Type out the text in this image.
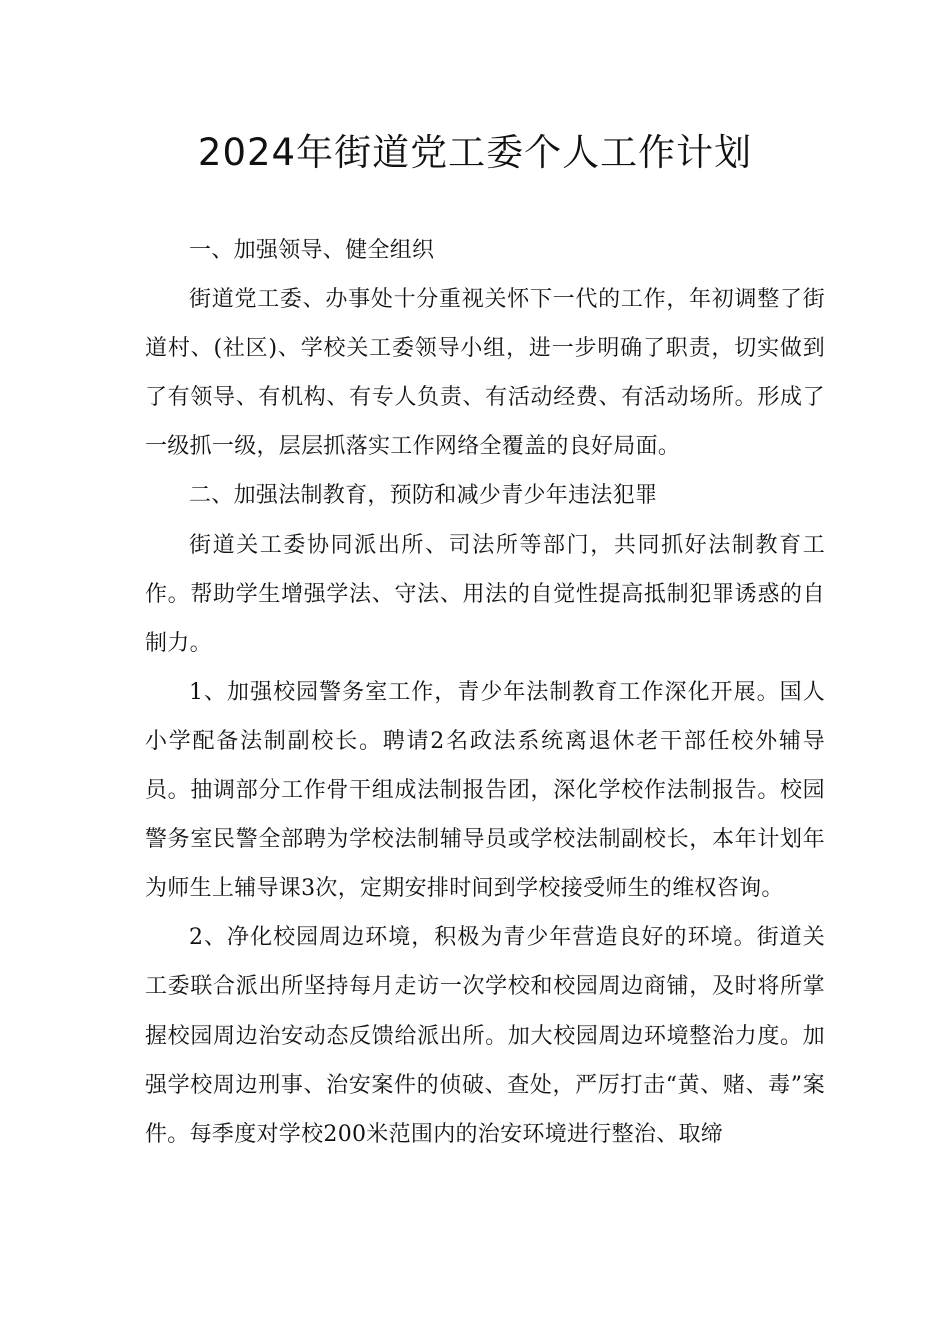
2024年街道党工委个人工作计划

一、加强领导、健全组织

街道党工委、办事处十分重视关怀下一代的工作，年初调整了街道村、(社区)、学校关工委领导小组，进一步明确了职责，切实做到了有领导、有机构、有专人负责、有活动经费、有活动场所。形成了一级抓一级，层层抓落实工作网络全覆盖的良好局面。

二、加强法制教育，预防和减少青少年违法犯罪

街道关工委协同派出所、司法所等部门，共同抓好法制教育工作。帮助学生增强学法、守法、用法的自觉性提高抵制犯罪诱惑的自制力。

1、加强校园警务室工作，青少年法制教育工作深化开展。国人小学配备法制副校长。聘请2名政法系统离退休老干部任校外辅导员。抽调部分工作骨干组成法制报告团，深化学校作法制报告。校园警务室民警全部聘为学校法制辅导员或学校法制副校长，本年计划年为师生上辅导课3次，定期安排时间到学校接受师生的维权咨询。

2、净化校园周边环境，积极为青少年营造良好的环境。街道关工委联合派出所坚持每月走访一次学校和校园周边商铺，及时将所掌握校园周边治安动态反馈给派出所。加大校园周边环境整治力度。加强学校周边刑事、治安案件的侦破、查处，严厉打击“黄、赌、毒”案件。每季度对学校200米范围内的治安环境进行整治、取缔
